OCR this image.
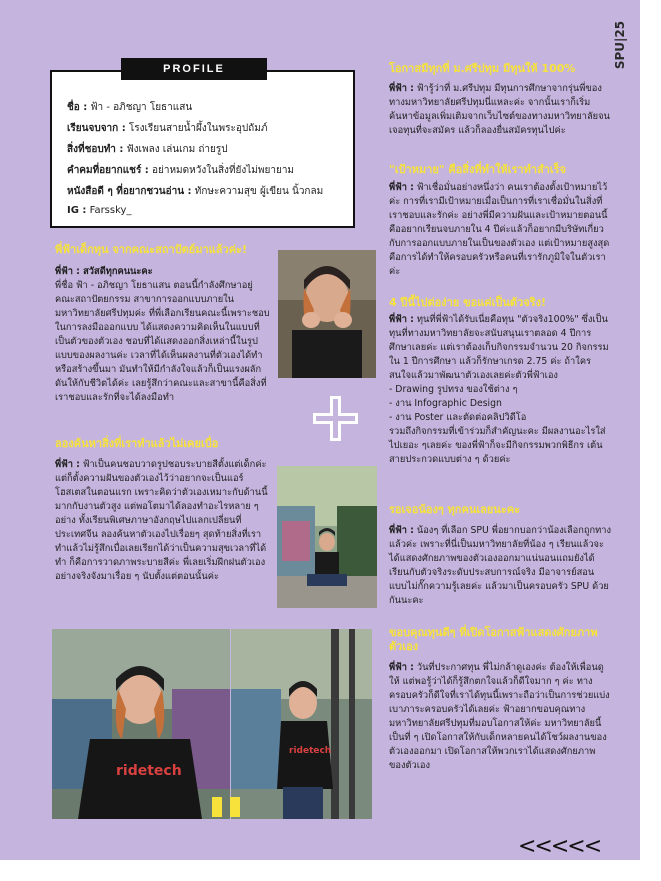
SPU|25
ชื่อ : ฟ้า - อภิชญา โยธาแสน
เรียนจบจาก : โรงเรียนสายน้ำผึ้งในพระอุปถัมภ์
สิ่งที่ชอบทำ : ฟังเพลง เล่นเกม ถ่ายรูป
คำคมที่อยากแชร์ : อย่าหมดหวังในสิ่งที่ยังไม่พยายาม
หนังสือดี ๆ ที่อยากชวนอ่าน : ทักษะความสุข ผู้เขียน นิ้วกลม
IG : Farssky_
PROFILE
พี่ฟ้าเด็กทุน จากคณะสถาปัตย์มาแล้วค่ะ!

พี่ฟ้า : สวัสดีทุกคนนะคะ

พี่ชื่อ ฟ้า - อภิชญา โยธาแสน ตอนนี้กำลังศึกษาอยู่คณะสถาปัตยกรรม สาขาการออกแบบภายในมหาวิทยาลัยศรีปทุมค่ะ ที่พี่เลือกเรียนคณะนี้เพราะชอบในการลงมือออกแบบ ได้แสดงความคิดเห็นในแบบที่เป็นตัวของตัวเอง ชอบที่ได้แสดงออกสิ่งเหล่านี้ในรูปแบบของผลงานค่ะ เวลาที่ได้เห็นผลงานที่ตัวเองได้ทำหรือสร้างขึ้นมา มันทำให้มีกำลังใจแล้วก็เป็นแรงผลักดันให้กับชีวิตได้ค่ะ เลยรู้สึกว่าคณะและสาขานี้คือสิ่งที่เราชอบและรักที่จะได้ลงมือทำ

ลองค้นหาสิ่งที่เราทำแล้วไม่เคยเบื่อ

พี่ฟ้า : ฟ้าเป็นคนชอบวาดรูปชอบระบายสีตั้งแต่เด็กค่ะ แต่ก็ตั้งความฝันของตัวเองไว้ว่าอยากจะเป็นแอร์โฮสเตสในตอนแรก เพราะคิดว่าตัวเองเหมาะกับด้านนี้มากกับงานตัวสูง แต่พอโตมาได้ลองทำอะไรหลาย ๆ อย่าง ทั้งเรียนพิเศษภาษาอังกฤษไปแลกเปลี่ยนที่ประเทศจีน ลองค้นหาตัวเองไปเรื่อยๆ สุดท้ายสิ่งที่เราทำแล้วไม่รู้สึกเบื่อเลยเรียกได้ว่าเป็นความสุขเวลาที่ได้ทำ ก็คือการวาดภาพระบายสีค่ะ พี่เลยเริ่มฝึกฝนตัวเองอย่างจริงจังมาเรื่อย ๆ นับตั้งแต่ตอนนั้นค่ะ

ridetech
ridetech
โอกาสมีทุกที่ ม.ศรีปทุม มีทุนให้ 100%

พี่ฟ้า : ฟ้ารู้ว่าที่ ม.ศรีปทุม มีทุนการศึกษาจากรุ่นพี่ของทางมหาวิทยาลัยศรีปทุมนี่แหละค่ะ จากนั้นเราก็เริ่มค้นหาข้อมูลเพิ่มเติมจากเว็บไซต์ของทางมหาวิทยาลัยจนเจอทุนที่จะสมัคร แล้วก็ลองยื่นสมัครทุนไปค่ะ

"เป้าหมาย" คือสิ่งที่ทำให้เราทำสำเร็จ

พี่ฟ้า : ฟ้าเชื่อมั่นอย่างหนึ่งว่า คนเราต้องตั้งเป้าหมายไว้ค่ะ การที่เรามีเป้าหมายเมื่อเป็นการที่เราเชื่อมั่นในสิ่งที่เราชอบและรักค่ะ อย่างพี่มีความฝันและเป้าหมายตอนนี้คืออยากเรียนจบภายใน 4 ปีค่ะแล้วก็อยากมีบริษัทเกี่ยวกับการออกแบบภายในเป็นของตัวเอง แต่เป้าหมายสูงสุดคือการได้ทำให้ครอบครัวหรือคนที่เรารักภูมิใจในตัวเราค่ะ

4 ปีนี้ไปต่อง่าย ขอแค่เป็นตัวจริง!

พี่ฟ้า : ทุนที่พี่ฟ้าได้รับเนี่ยคือทุน "ตัวจริง100%" ซึ่งเป็นทุนที่ทางมหาวิทยาลัยจะสนับสนุนเราตลอด 4 ปีการศึกษาเลยค่ะ แต่เราต้องเก็บกิจกรรมจำนวน 20 กิจกรรมใน 1 ปีการศึกษา แล้วก็รักษาเกรด 2.75 ค่ะ ถ้าใครสนใจแล้วมาพัฒนาตัวเองเลยค่ะตัวพี่ฟ้าเอง

- Drawing รูปทรง ของใช้ต่าง ๆ

- งาน Infographic Design

- งาน Poster และตัดต่อคลิปวิดีโอ

รวมถึงกิจกรรมที่เข้าร่วมก็สำคัญนะคะ มีผลงานอะไรใส่ไปเยอะ ๆเลยค่ะ ของพี่ฟ้าก็จะมีกิจกรรมพวกพิธีกร เต้นสายประกวดแบบต่าง ๆ ด้วยค่ะ

รอเจอน้องๆ ทุกคนเลยนะคะ

พี่ฟ้า : น้องๆ ที่เลือก SPU พี่อยากบอกว่าน้องเลือกถูกทางแล้วค่ะ เพราะที่นี่เป็นมหาวิทยาลัยที่น้อง ๆ เรียนแล้วจะได้แสดงศักยภาพของตัวเองออกมาแน่นอนแถมยังได้เรียนกับตัวจริงระดับประสบการณ์จริง มีอาจารย์สอนแบบไม่กั๊กความรู้เลยค่ะ แล้วมาเป็นครอบครัว SPU ด้วยกันนะคะ

ขอบคุณทุนดีๆ ที่เปิดโอกาสฟ้าแสดงศักยภาพตัวเอง

พี่ฟ้า : วันที่ประกาศทุน พี่ไม่กล้าดูเองค่ะ ต้องให้เพื่อนดูให้ แต่พอรู้ว่าได้ก็รู้สึกตกใจแล้วก็ดีใจมาก ๆ ค่ะ ทางครอบครัวก็ดีใจที่เราได้ทุนนี้เพราะถือว่าเป็นการช่วยแบ่งเบาภาระครอบครัวได้เลยค่ะ ฟ้าอยากขอบคุณทางมหาวิทยาลัยศรีปทุมที่มอบโอกาสให้ค่ะ มหาวิทยาลัยนี้เป็นที่ ๆ เปิดโอกาสให้กับเด็กหลายคนได้โชว์ผลงานของตัวเองออกมา เปิดโอกาสให้พวกเราได้แสดงศักยภาพของตัวเอง

<<<<<
